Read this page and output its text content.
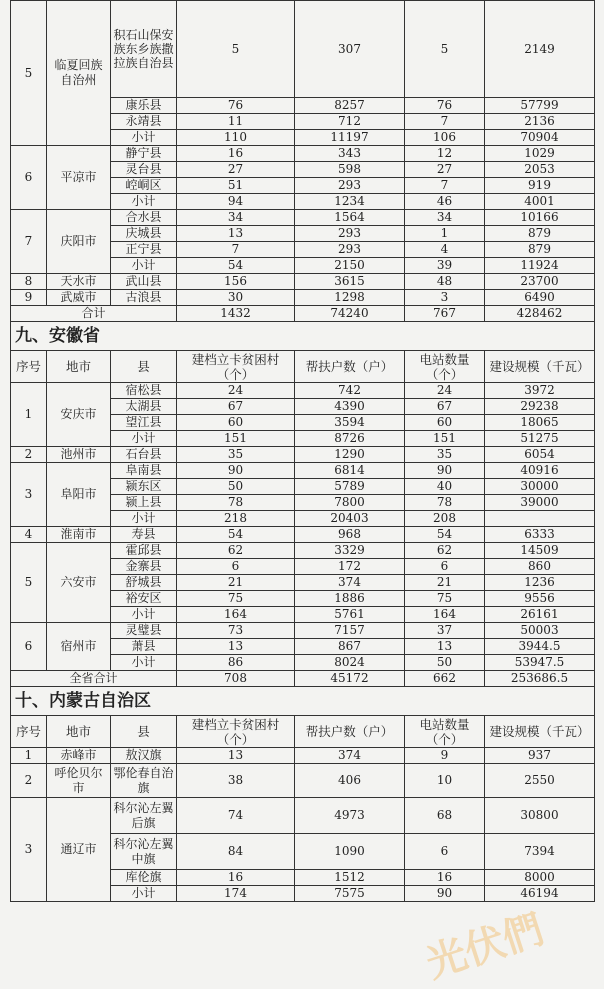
5	临夏回族自治州	积石山保安族东乡族撒拉族自治县	5	307	5	2149
		康乐县	76	8257	76	57799
		永靖县	11	712	7	2136
		小计	110	11197	106	70904
6	平凉市	静宁县	16	343	12	1029
		灵台县	27	598	27	2053
		崆峒区	51	293	7	919
		小计	94	1234	46	4001
7	庆阳市	合水县	34	1564	34	10166
		庆城县	13	293	1	879
		正宁县	7	293	4	879
		小计	54	2150	39	11924
8	天水市	武山县	156	3615	48	23700
9	武威市	古浪县	30	1298	3	6490
合计			1432	74240	767	428462
九、安徽省						
序号	地市	县	建档立卡贫困村（个）	帮扶户数（户）	电站数量（个）	建设规模（千瓦）
1	安庆市	宿松县	24	742	24	3972
		太湖县	67	4390	67	29238
		望江县	60	3594	60	18065
		小计	151	8726	151	51275
2	池州市	石台县	35	1290	35	6054
3	阜阳市	阜南县	90	6814	90	40916
		颍东区	50	5789	40	30000
		颍上县	78	7800	78	39000
		小计	218	20403	208	
4	淮南市	寿县	54	968	54	6333
5	六安市	霍邱县	62	3329	62	14509
		金寨县	6	172	6	860
		舒城县	21	374	21	1236
		裕安区	75	1886	75	9556
		小计	164	5761	164	26161
6	宿州市	灵璧县	73	7157	37	50003
		萧县	13	867	13	3944.5
		小计	86	8024	50	53947.5
全省合计			708	45172	662	253686.5
十、内蒙古自治区						
序号	地市	县	建档立卡贫困村（个）	帮扶户数（户）	电站数量（个）	建设规模（千瓦）
1	赤峰市	敖汉旗	13	374	9	937
2	呼伦贝尔市	鄂伦春自治旗	38	406	10	2550
3	通辽市	科尔沁左翼后旗	74	4973	68	30800
		科尔沁左翼中旗	84	1090	6	7394
		库伦旗	16	1512	16	8000
		小计	174	7575	90	46194
光伏們
